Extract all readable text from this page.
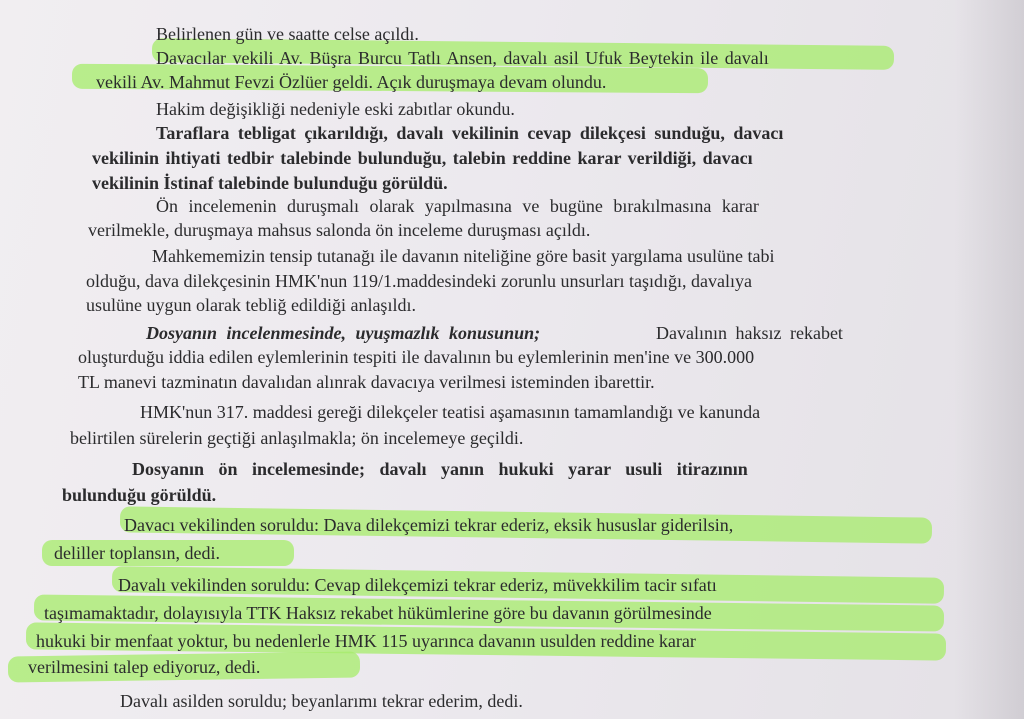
Belirlenen gün ve saatte celse açıldı.
Davacılar vekili Av. Büşra Burcu Tatlı Ansen, davalı asil Ufuk Beytekin ile davalı
vekili Av. Mahmut Fevzi Özlüer geldi. Açık duruşmaya devam olundu.
Hakim değişikliği nedeniyle eski zabıtlar okundu.
Taraflara tebligat çıkarıldığı, davalı vekilinin cevap dilekçesi sunduğu, davacı
vekilinin ihtiyati tedbir talebinde bulunduğu, talebin reddine karar verildiği, davacı
vekilinin İstinaf talebinde bulunduğu görüldü.
Ön incelemenin duruşmalı olarak yapılmasına ve bugüne bırakılmasına karar
verilmekle, duruşmaya mahsus salonda ön inceleme duruşması açıldı.
Mahkememizin tensip tutanağı ile davanın niteliğine göre basit yargılama usulüne tabi
olduğu, dava dilekçesinin HMK'nun 119/1.maddesindeki zorunlu unsurları taşıdığı, davalıya
usulüne uygun olarak tebliğ edildiği anlaşıldı.
Dosyanın incelenmesinde, uyuşmazlık konusunun;	Davalının haksız rekabet
oluşturduğu iddia edilen eylemlerinin tespiti ile davalının bu eylemlerinin men'ine ve 300.000
TL manevi tazminatın davalıdan alınrak davacıya verilmesi isteminden ibarettir.
HMK'nun 317. maddesi gereği dilekçeler teatisi aşamasının tamamlandığı ve kanunda
belirtilen sürelerin geçtiği anlaşılmakla; ön incelemeye geçildi.
Dosyanın ön incelemesinde; davalı yanın hukuki yarar usuli itirazının
bulunduğu görüldü.
Davacı vekilinden soruldu: Dava dilekçemizi tekrar ederiz, eksik hususlar giderilsin,
deliller toplansın, dedi.
Davalı vekilinden soruldu: Cevap dilekçemizi tekrar ederiz, müvekkilim tacir sıfatı
taşımamaktadır, dolayısıyla TTK Haksız rekabet hükümlerine göre bu davanın görülmesinde
hukuki bir menfaat yoktur, bu nedenlerle HMK 115 uyarınca davanın usulden reddine karar
verilmesini talep ediyoruz, dedi.
Davalı asilden soruldu; beyanlarımı tekrar ederim, dedi.
